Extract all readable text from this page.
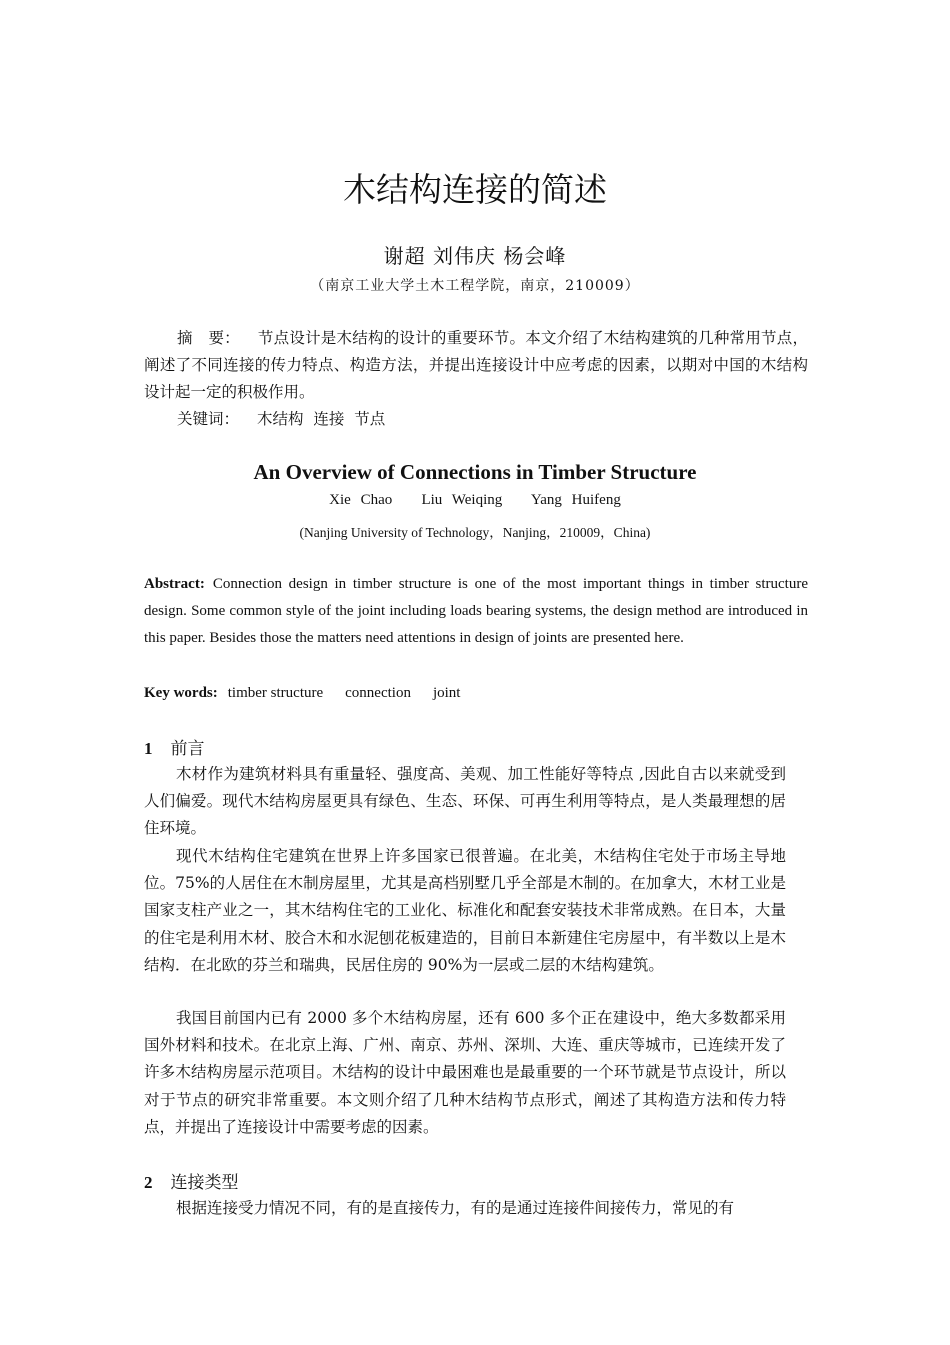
木结构连接的简述
谢超 刘伟庆 杨会峰
（南京工业大学土木工程学院，南京，210009）
摘　要： 节点设计是木结构的设计的重要环节。本文介绍了木结构建筑的几种常用节点，阐述了不同连接的传力特点、构造方法，并提出连接设计中应考虑的因素，以期对中国的木结构设计起一定的积极作用。
关键词： 木结构  连接  节点
An Overview of Connections in Timber Structure
Xie Chao   Liu Weiqing   Yang Huifeng
(Nanjing University of Technology，Nanjing，210009，China)
Abstract: Connection design in timber structure is one of the most important things in timber structure design. Some common style of the joint including loads bearing systems, the design method are introduced in this paper. Besides those the matters need attentions in design of joints are presented here.
Key words: timber structure connection joint
1 前言
木材作为建筑材料具有重量轻、强度高、美观、加工性能好等特点 ,因此自古以来就受到人们偏爱。现代木结构房屋更具有绿色、生态、环保、可再生利用等特点，是人类最理想的居住环境。
现代木结构住宅建筑在世界上许多国家已很普遍。在北美，木结构住宅处于市场主导地位。75%的人居住在木制房屋里，尤其是高档别墅几乎全部是木制的。在加拿大，木材工业是国家支柱产业之一，其木结构住宅的工业化、标准化和配套安装技术非常成熟。在日本，大量的住宅是利用木材、胶合木和水泥刨花板建造的，目前日本新建住宅房屋中，有半数以上是木结构．在北欧的芬兰和瑞典，民居住房的 90%为一层或二层的木结构建筑。
我国目前国内已有 2000 多个木结构房屋，还有 600 多个正在建设中，绝大多数都采用国外材料和技术。在北京上海、广州、南京、苏州、深圳、大连、重庆等城市，已连续开发了许多木结构房屋示范项目。木结构的设计中最困难也是最重要的一个环节就是节点设计，所以对于节点的研究非常重要。本文则介绍了几种木结构节点形式，阐述了其构造方法和传力特点，并提出了连接设计中需要考虑的因素。
2 连接类型
根据连接受力情况不同，有的是直接传力，有的是通过连接件间接传力，常见的有
